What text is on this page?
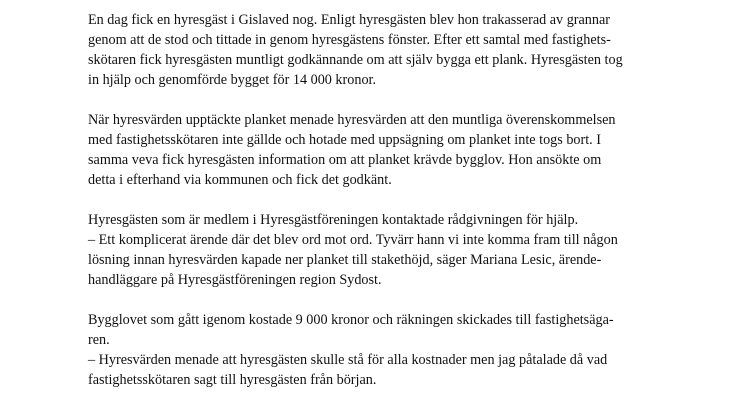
En dag fick en hyresgäst i Gislaved nog. Enligt hyresgästen blev hon trakasserad av grannar
genom att de stod och tittade in genom hyresgästens fönster. Efter ett samtal med fastighets-
skötaren fick hyresgästen muntligt godkännande om att själv bygga ett plank. Hyresgästen tog
in hjälp och genomförde bygget för 14 000 kronor.

När hyresvärden upptäckte planket menade hyresvärden att den muntliga överenskommelsen
med fastighetsskötaren inte gällde och hotade med uppsägning om planket inte togs bort. I
samma veva fick hyresgästen information om att planket krävde bygglov. Hon ansökte om
detta i efterhand via kommunen och fick det godkänt.

Hyresgästen som är medlem i Hyresgästföreningen kontaktade rådgivningen för hjälp.
– Ett komplicerat ärende där det blev ord mot ord. Tyvärr hann vi inte komma fram till någon
lösning innan hyresvärden kapade ner planket till stakethöjd, säger Mariana Lesic, ärende-
handläggare på Hyresgästföreningen region Sydost.

Bygglovet som gått igenom kostade 9 000 kronor och räkningen skickades till fastighetsäga-
ren.
– Hyresvärden menade att hyresgästen skulle stå för alla kostnader men jag påtalade då vad
fastighetsskötaren sagt till hyresgästen från början.
